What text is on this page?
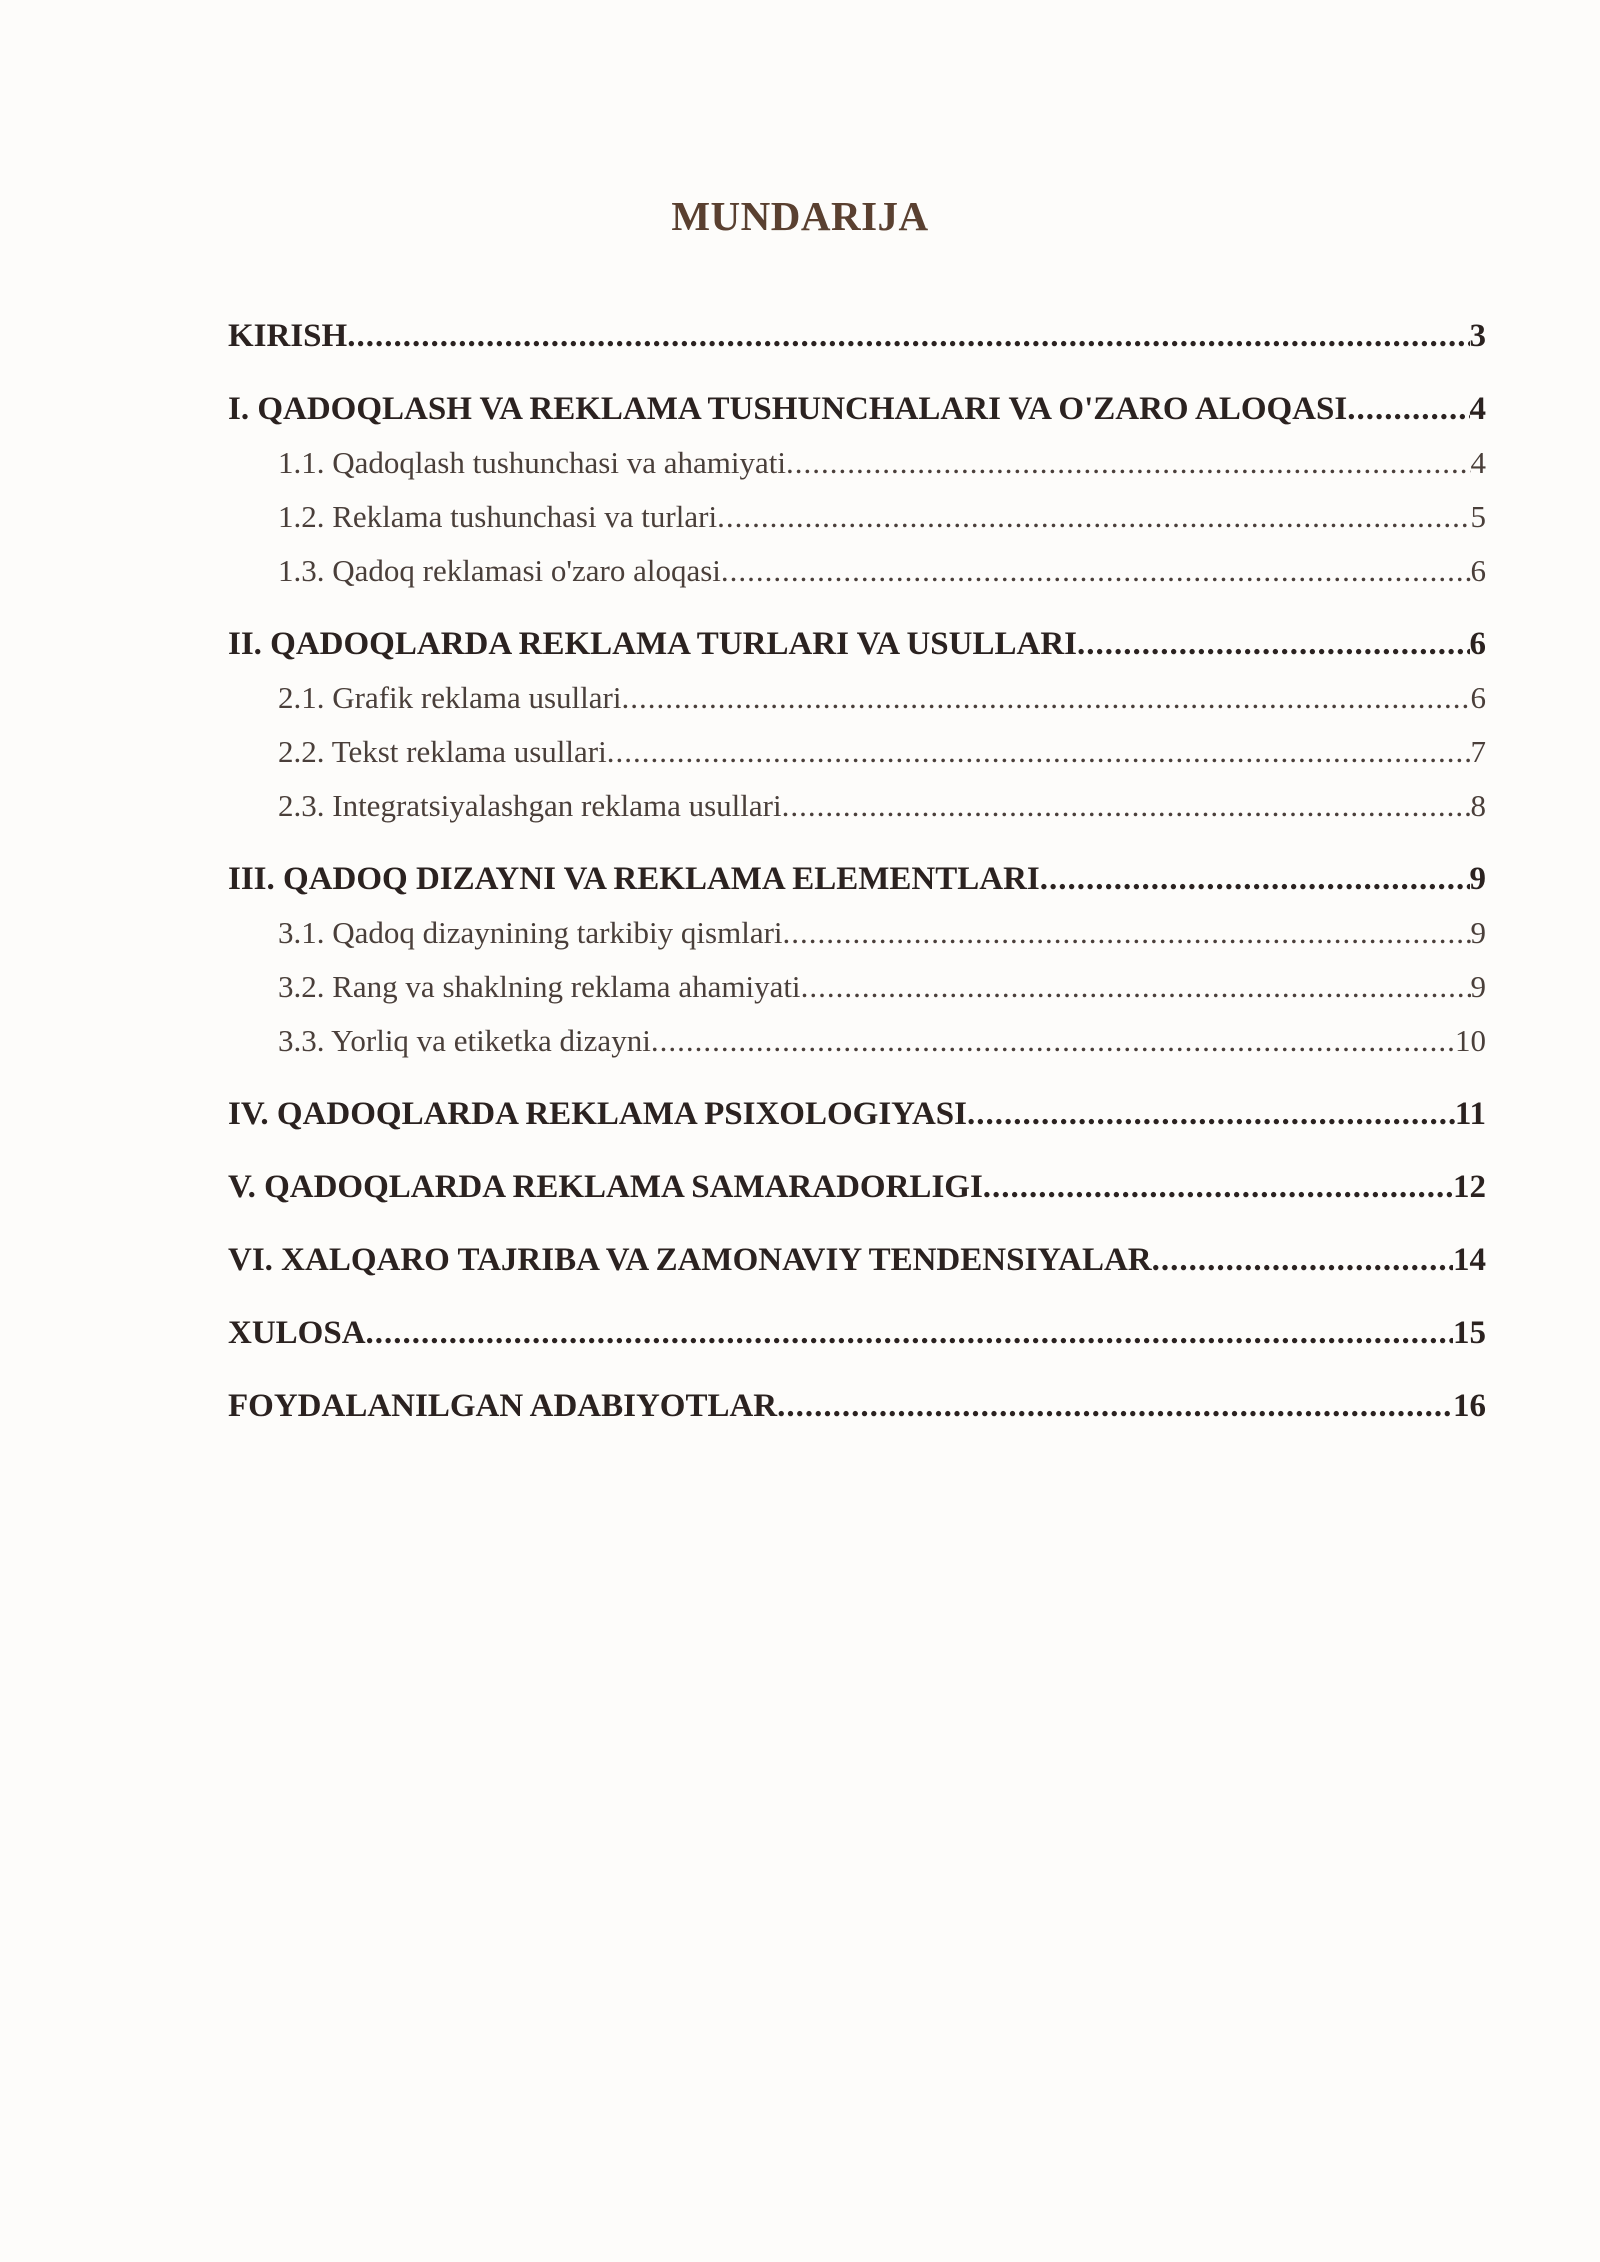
MUNDARIJA
KIRISH .....	3
I. QADOQLASH VA REKLAMA TUSHUNCHALARI VA O'ZARO ALOQASI .....	4
1.1. Qadoqlash tushunchasi va ahamiyati .....	4
1.2. Reklama tushunchasi va turlari .....	5
1.3. Qadoq reklamasi o'zaro aloqasi .....	6
II. QADOQLARDA REKLAMA TURLARI VA USULLARI .....	6
2.1. Grafik reklama usullari .....	6
2.2. Tekst reklama usullari .....	7
2.3. Integratsiyalashgan reklama usullari .....	8
III. QADOQ DIZAYNI VA REKLAMA ELEMENTLARI .....	9
3.1. Qadoq dizaynining tarkibiy qismlari .....	9
3.2. Rang va shaklning reklama ahamiyati .....	9
3.3. Yorliq va etiketka dizayni .....	10
IV. QADOQLARDA REKLAMA PSIXOLOGIYASI .....	11
V. QADOQLARDA REKLAMA SAMARADORLIGI .....	12
VI. XALQARO TAJRIBA VA ZAMONAVIY TENDENSIYALAR .....	14
XULOSA .....	15
FOYDALANILGAN ADABIYOTLAR .....	16
